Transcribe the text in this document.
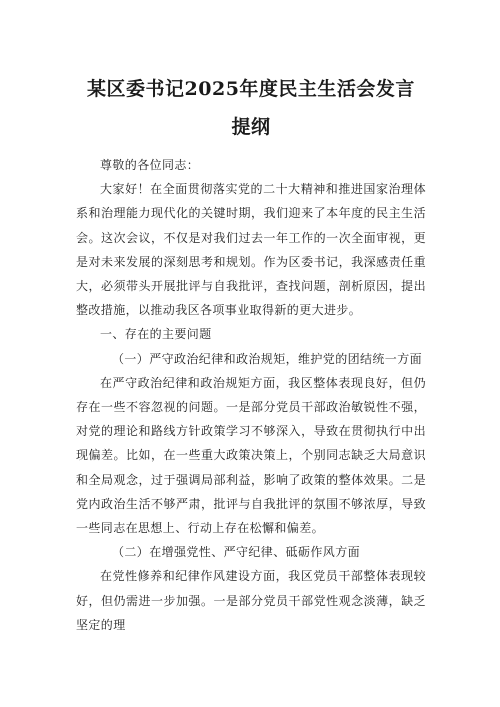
某区委书记2025年度民主生活会发言
提纲

尊敬的各位同志：

大家好！在全面贯彻落实党的二十大精神和推进国家治理体系和治理能力现代化的关键时期，我们迎来了本年度的民主生活会。这次会议，不仅是对我们过去一年工作的一次全面审视，更是对未来发展的深刻思考和规划。作为区委书记，我深感责任重大，必须带头开展批评与自我批评，查找问题，剖析原因，提出整改措施，以推动我区各项事业取得新的更大进步。

一、存在的主要问题

（一）严守政治纪律和政治规矩，维护党的团结统一方面

在严守政治纪律和政治规矩方面，我区整体表现良好，但仍存在一些不容忽视的问题。一是部分党员干部政治敏锐性不强，对党的理论和路线方针政策学习不够深入，导致在贯彻执行中出现偏差。比如，在一些重大政策决策上，个别同志缺乏大局意识和全局观念，过于强调局部利益，影响了政策的整体效果。二是党内政治生活不够严肃，批评与自我批评的氛围不够浓厚，导致一些同志在思想上、行动上存在松懈和偏差。

（二）在增强党性、严守纪律、砥砺作风方面

在党性修养和纪律作风建设方面，我区党员干部整体表现较好，但仍需进一步加强。一是部分党员干部党性观念淡薄，缺乏坚定的理
